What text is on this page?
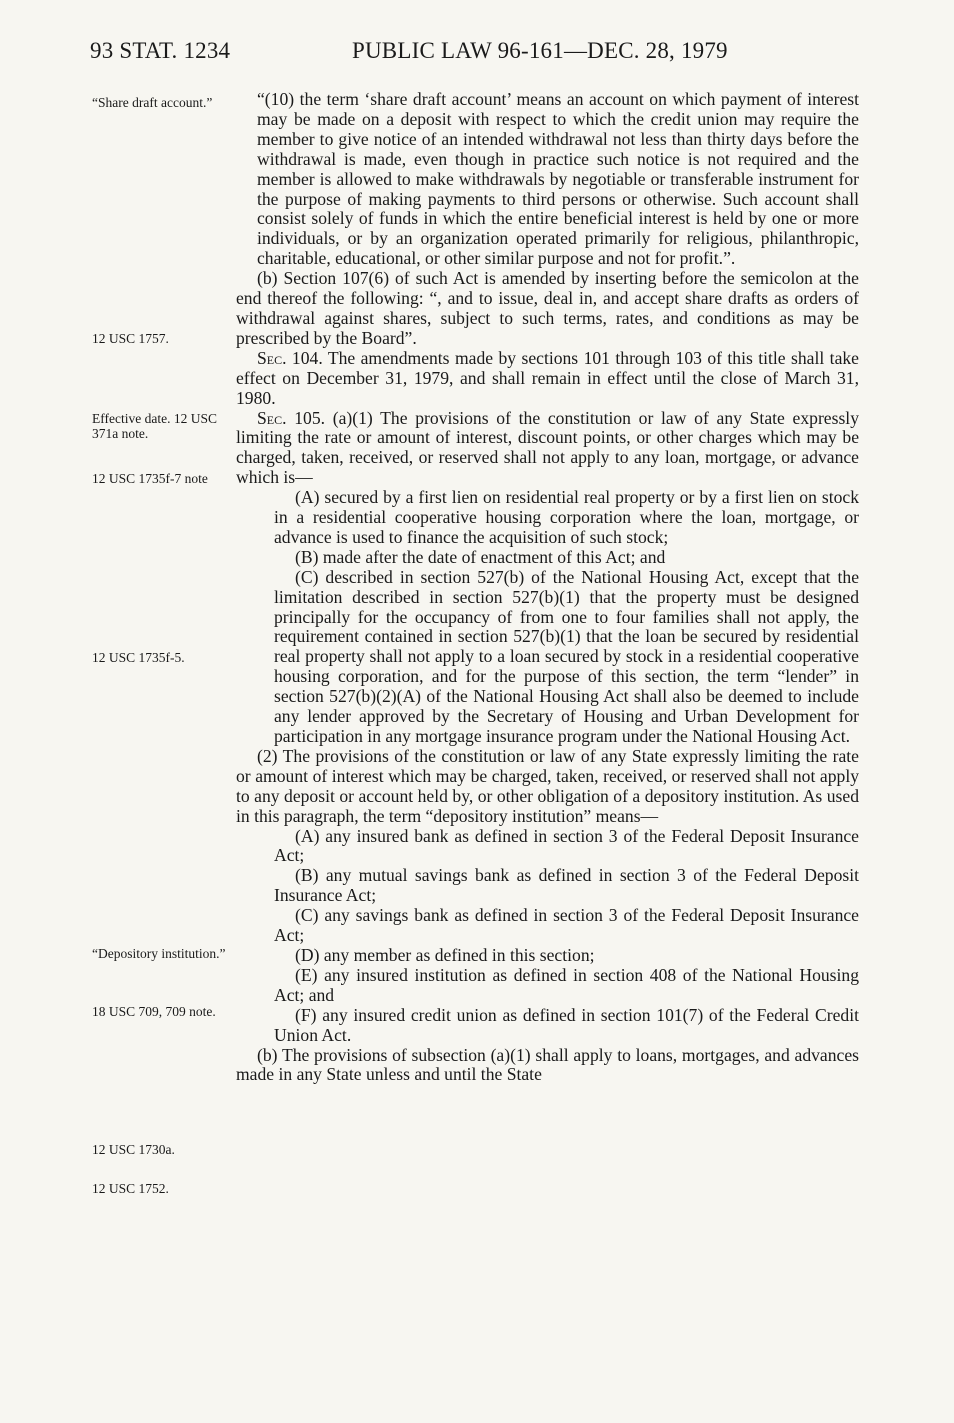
93 STAT. 1234	PUBLIC LAW 96-161—DEC. 28, 1979
“Share draft account.”
12 USC 1757.
Effective date. 12 USC 371a note.
12 USC 1735f-7 note
12 USC 1735f-5.
“Depository institution.”
18 USC 709, 709 note.
12 USC 1730a.
12 USC 1752.

“(10) the term ‘share draft account’ means an account on which payment of interest may be made on a deposit with respect to which the credit union may require the member to give notice of an intended withdrawal not less than thirty days before the withdrawal is made, even though in practice such notice is not required and the member is allowed to make withdrawals by negotiable or transferable instrument for the purpose of making payments to third persons or otherwise. Such account shall consist solely of funds in which the entire beneficial interest is held by one or more individuals, or by an organization operated primarily for religious, philanthropic, charitable, educational, or other similar purpose and not for profit.”.

(b) Section 107(6) of such Act is amended by inserting before the semicolon at the end thereof the following: “, and to issue, deal in, and accept share drafts as orders of withdrawal against shares, subject to such terms, rates, and conditions as may be prescribed by the Board”.

Sec. 104. The amendments made by sections 101 through 103 of this title shall take effect on December 31, 1979, and shall remain in effect until the close of March 31, 1980.

Sec. 105. (a)(1) The provisions of the constitution or law of any State expressly limiting the rate or amount of interest, discount points, or other charges which may be charged, taken, received, or reserved shall not apply to any loan, mortgage, or advance which is—

(A) secured by a first lien on residential real property or by a first lien on stock in a residential cooperative housing corporation where the loan, mortgage, or advance is used to finance the acquisition of such stock;

(B) made after the date of enactment of this Act; and

(C) described in section 527(b) of the National Housing Act, except that the limitation described in section 527(b)(1) that the property must be designed principally for the occupancy of from one to four families shall not apply, the requirement contained in section 527(b)(1) that the loan be secured by residential real property shall not apply to a loan secured by stock in a residential cooperative housing corporation, and for the purpose of this section, the term “lender” in section 527(b)(2)(A) of the National Housing Act shall also be deemed to include any lender approved by the Secretary of Housing and Urban Development for participation in any mortgage insurance program under the National Housing Act.

(2) The provisions of the constitution or law of any State expressly limiting the rate or amount of interest which may be charged, taken, received, or reserved shall not apply to any deposit or account held by, or other obligation of a depository institution. As used in this paragraph, the term “depository institution” means—

(A) any insured bank as defined in section 3 of the Federal Deposit Insurance Act;

(B) any mutual savings bank as defined in section 3 of the Federal Deposit Insurance Act;

(C) any savings bank as defined in section 3 of the Federal Deposit Insurance Act;

(D) any member as defined in this section;

(E) any insured institution as defined in section 408 of the National Housing Act; and

(F) any insured credit union as defined in section 101(7) of the Federal Credit Union Act.

(b) The provisions of subsection (a)(1) shall apply to loans, mortgages, and advances made in any State unless and until the State
